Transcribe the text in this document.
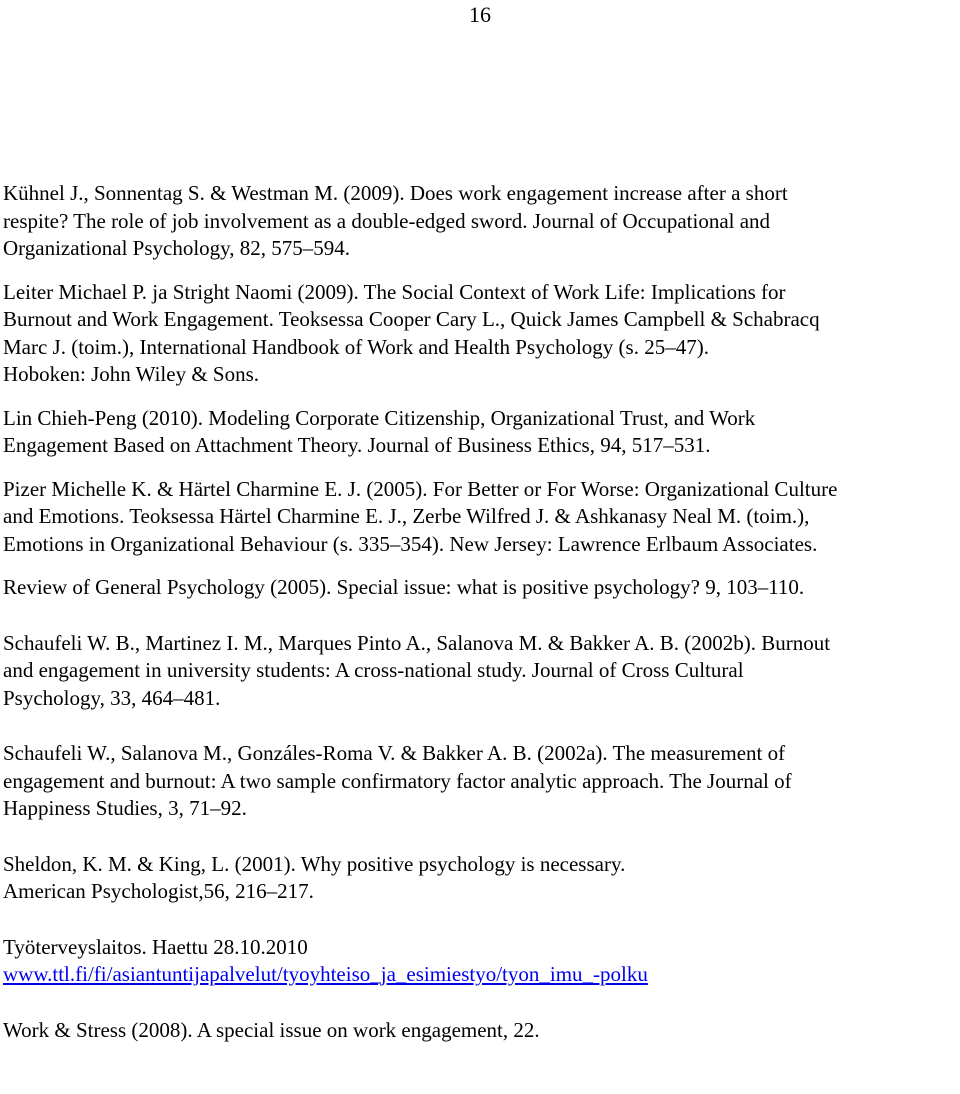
16

Kühnel J., Sonnentag S. & Westman M. (2009). Does work engagement increase after a short
respite? The role of job involvement as a double-edged sword. Journal of Occupational and
Organizational Psychology, 82, 575–594.

Leiter Michael P. ja Stright Naomi (2009). The Social Context of Work Life: Implications for
Burnout and Work Engagement. Teoksessa Cooper Cary L., Quick James Campbell & Schabracq
Marc J. (toim.), International Handbook of Work and Health Psychology (s. 25–47).
Hoboken: John Wiley & Sons.

Lin Chieh-Peng (2010). Modeling Corporate Citizenship, Organizational Trust, and Work
Engagement Based on Attachment Theory. Journal of Business Ethics, 94, 517–531.

Pizer Michelle K. & Härtel Charmine E. J. (2005). For Better or For Worse: Organizational Culture
and Emotions. Teoksessa Härtel Charmine E. J., Zerbe Wilfred J. & Ashkanasy Neal M. (toim.),
Emotions in Organizational Behaviour (s. 335–354). New Jersey: Lawrence Erlbaum Associates.

Review of General Psychology (2005). Special issue: what is positive psychology? 9, 103–110.

Schaufeli W. B., Martinez I. M., Marques Pinto A., Salanova M. & Bakker A. B. (2002b). Burnout
and engagement in university students: A cross-national study. Journal of Cross Cultural
Psychology, 33, 464–481.

Schaufeli W., Salanova M., Gonzáles-Roma V. & Bakker A. B. (2002a). The measurement of
engagement and burnout: A two sample confirmatory factor analytic approach. The Journal of
Happiness Studies, 3, 71–92.

Sheldon, K. M. & King, L. (2001). Why positive psychology is necessary.
American Psychologist,56, 216–217.

Työterveyslaitos. Haettu 28.10.2010
www.ttl.fi/fi/asiantuntijapalvelut/tyoyhteiso_ja_esimiestyo/tyon_imu_-polku

Work & Stress (2008). A special issue on work engagement, 22.
